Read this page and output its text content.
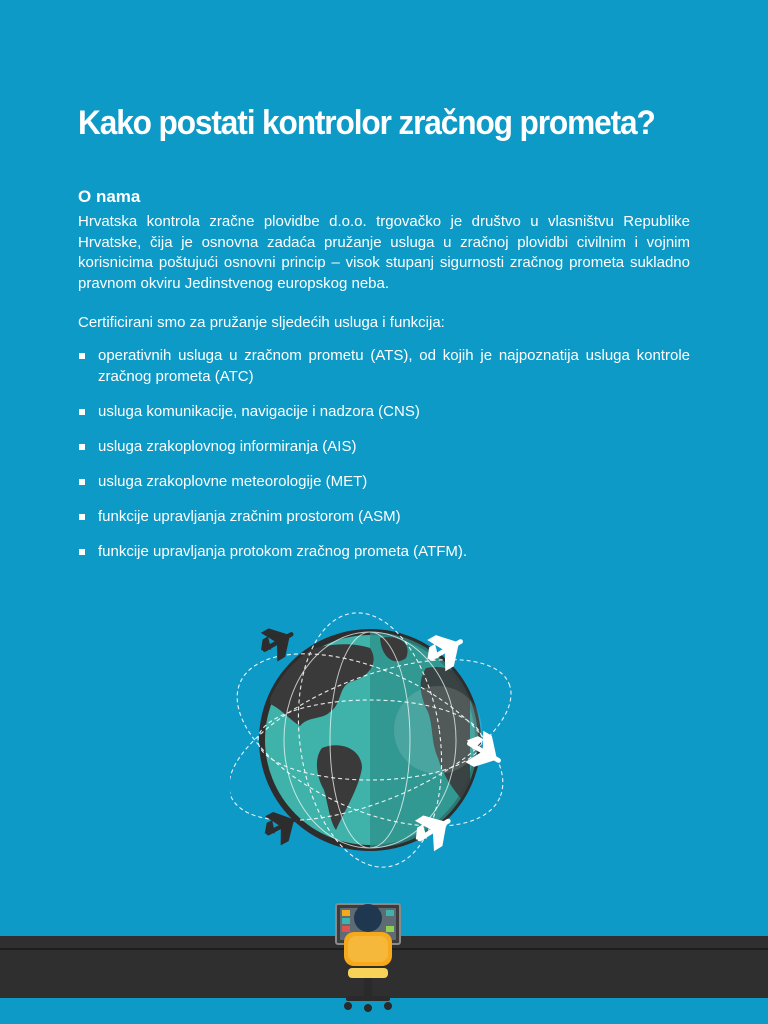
Kako postati kontrolor zračnog prometa?
O nama

Hrvatska kontrola zračne plovidbe d.o.o. trgovačko je društvo u vlasništvu Republike Hrvatske, čija je osnovna zadaća pružanje usluga u zračnoj plovidbi civilnim i vojnim korisnicima poštujući osnovni princip – visok stupanj sigurnosti zračnog prometa sukladno pravnom okviru Jedinstvenog europskog neba.

Certificirani smo za pružanje sljedećih usluga i funkcija:

operativnih usluga u zračnom prometu (ATS), od kojih je najpoznatija usluga kontrole zračnog prometa (ATC)
usluga komunikacije, navigacije i nadzora (CNS)
usluga zrakoplovnog informiranja (AIS)
usluga zrakoplovne meteorologije (MET)
funkcije upravljanja zračnim prostorom (ASM)
funkcije upravljanja protokom zračnog prometa (ATFM).
